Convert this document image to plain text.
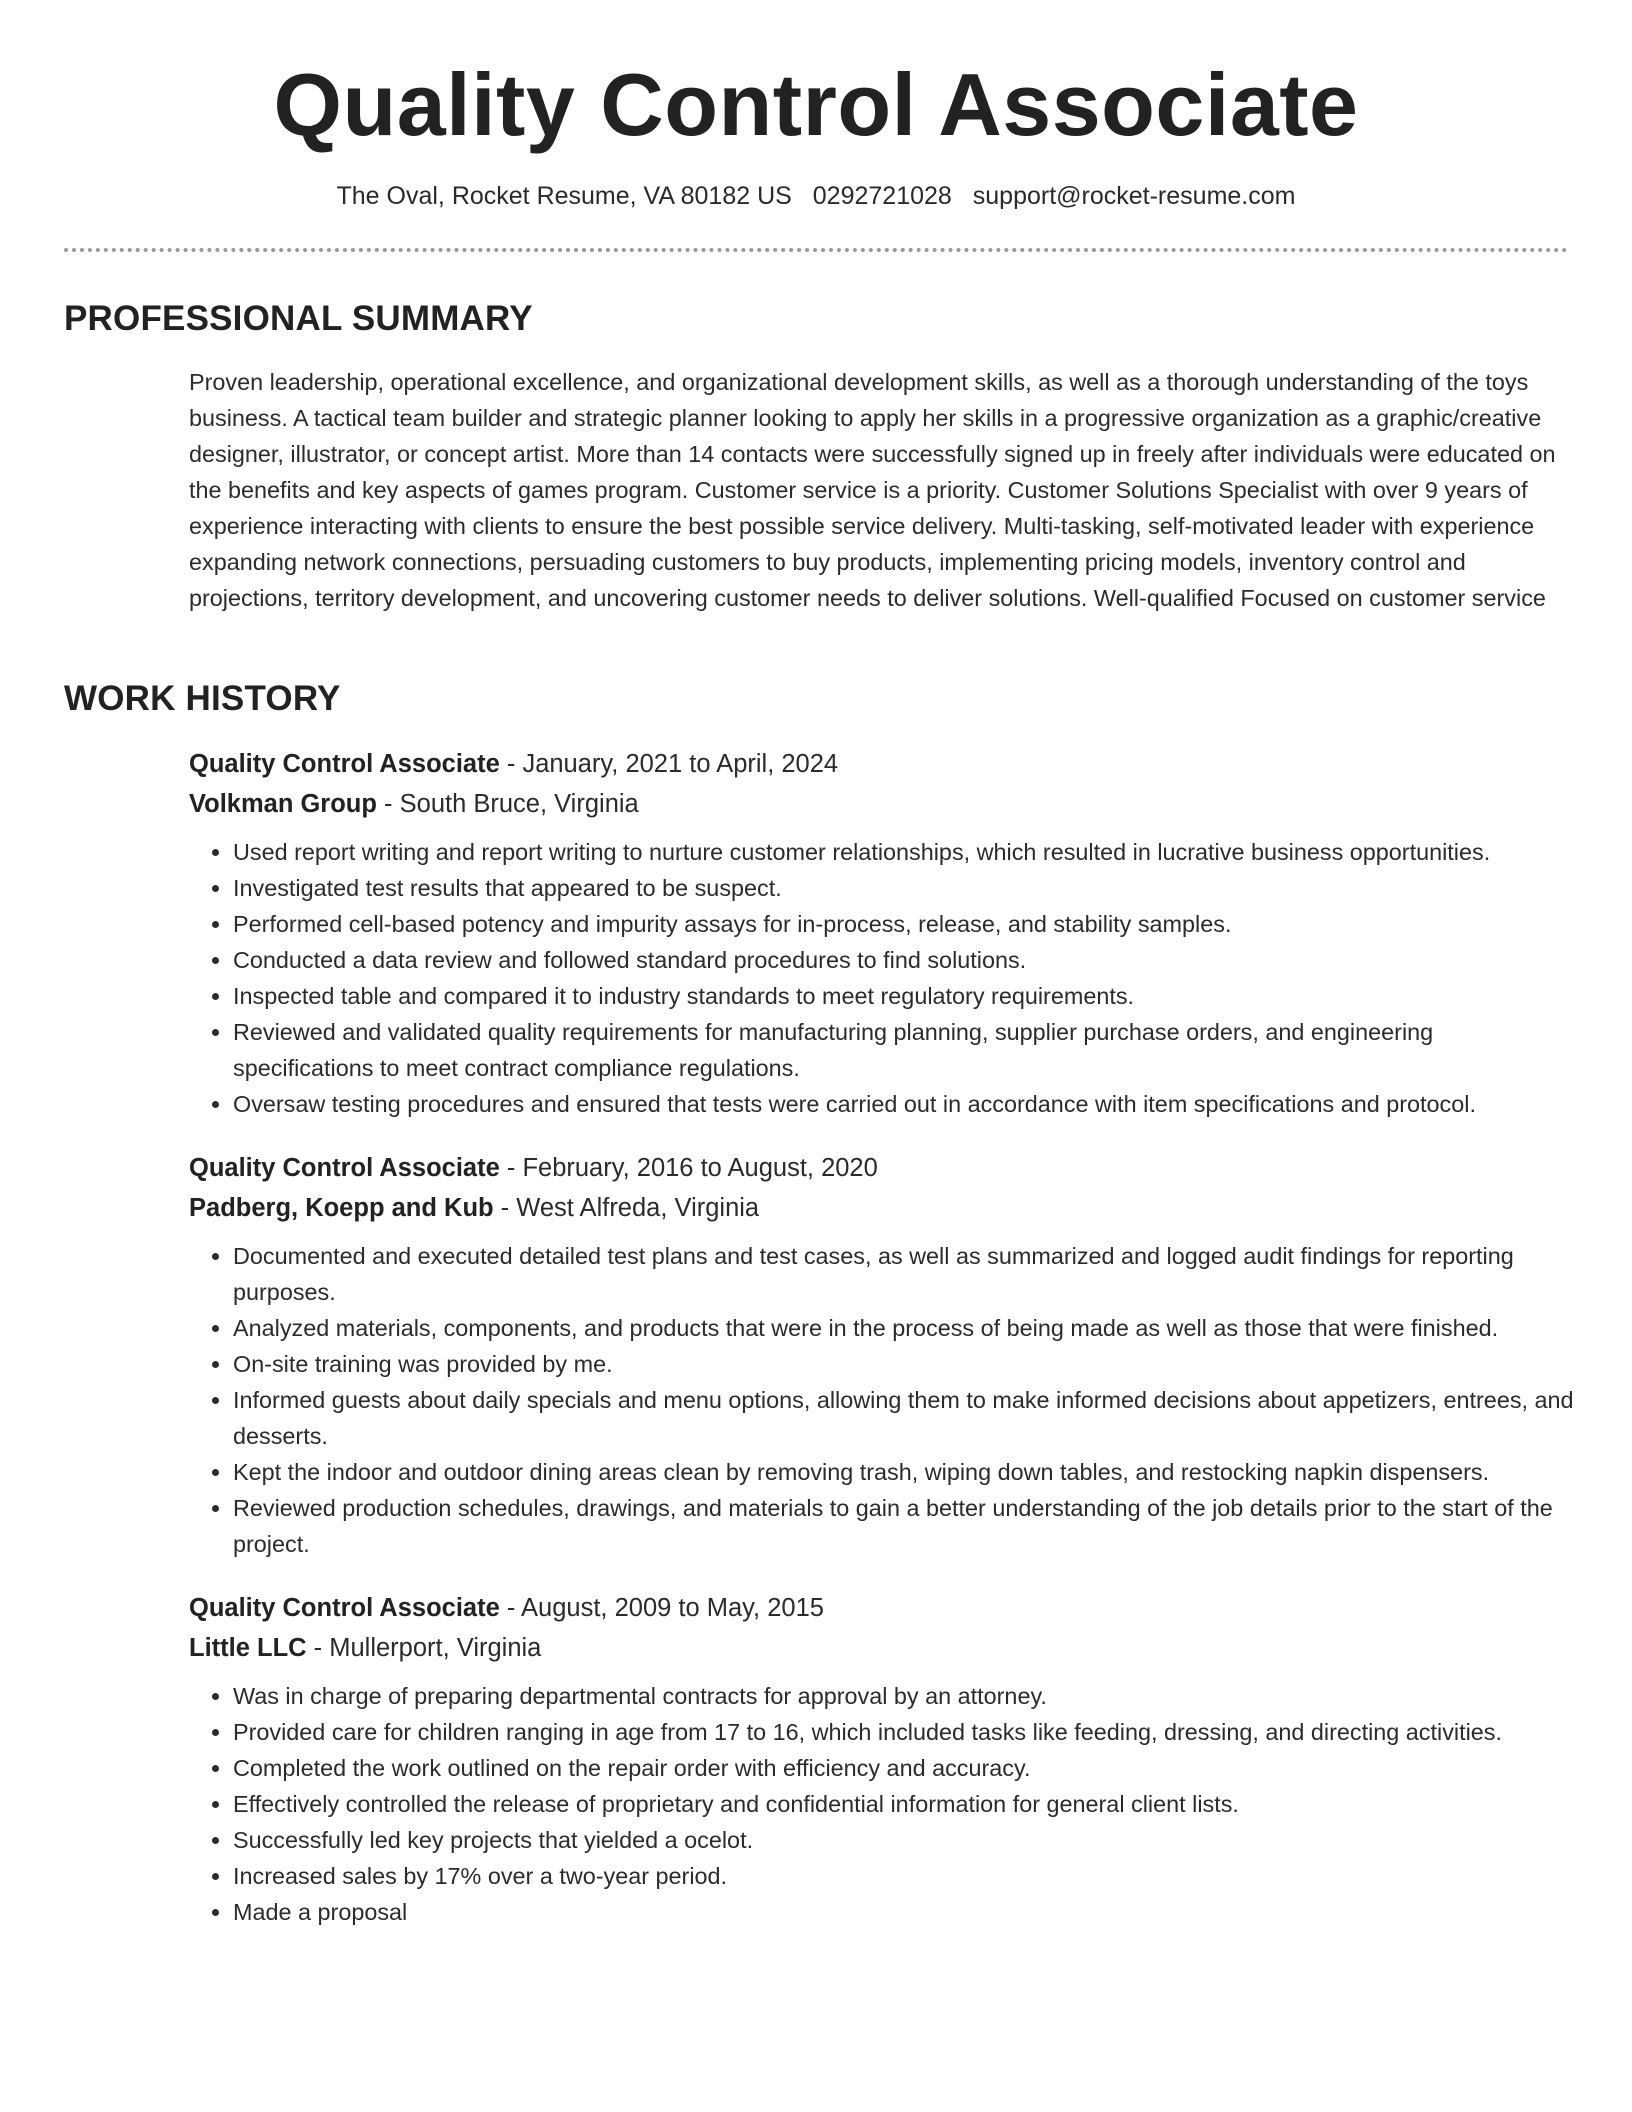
Quality Control Associate
The Oval, Rocket Resume, VA 80182 US 0292721028 support@rocket-resume.com
PROFESSIONAL SUMMARY

Proven leadership, operational excellence, and organizational development skills, as well as a thorough understanding of the toys business. A tactical team builder and strategic planner looking to apply her skills in a progressive organization as a graphic/creative designer, illustrator, or concept artist. More than 14 contacts were successfully signed up in freely after individuals were educated on the benefits and key aspects of games program. Customer service is a priority. Customer Solutions Specialist with over 9 years of experience interacting with clients to ensure the best possible service delivery. Multi-tasking, self-motivated leader with experience expanding network connections, persuading customers to buy products, implementing pricing models, inventory control and projections, territory development, and uncovering customer needs to deliver solutions. Well-qualified Focused on customer service

WORK HISTORY

Quality Control Associate - January, 2021 to April, 2024

Volkman Group - South Bruce, Virginia

• Used report writing and report writing to nurture customer relationships, which resulted in lucrative business opportunities.
• Investigated test results that appeared to be suspect.
• Performed cell-based potency and impurity assays for in-process, release, and stability samples.
• Conducted a data review and followed standard procedures to find solutions.
• Inspected table and compared it to industry standards to meet regulatory requirements.
• Reviewed and validated quality requirements for manufacturing planning, supplier purchase orders, and engineering specifications to meet contract compliance regulations.
• Oversaw testing procedures and ensured that tests were carried out in accordance with item specifications and protocol.

Quality Control Associate - February, 2016 to August, 2020

Padberg, Koepp and Kub - West Alfreda, Virginia

• Documented and executed detailed test plans and test cases, as well as summarized and logged audit findings for reporting purposes.
• Analyzed materials, components, and products that were in the process of being made as well as those that were finished.
• On-site training was provided by me.
• Informed guests about daily specials and menu options, allowing them to make informed decisions about appetizers, entrees, and desserts.
• Kept the indoor and outdoor dining areas clean by removing trash, wiping down tables, and restocking napkin dispensers.
• Reviewed production schedules, drawings, and materials to gain a better understanding of the job details prior to the start of the project.

Quality Control Associate - August, 2009 to May, 2015

Little LLC - Mullerport, Virginia

• Was in charge of preparing departmental contracts for approval by an attorney.
• Provided care for children ranging in age from 17 to 16, which included tasks like feeding, dressing, and directing activities.
• Completed the work outlined on the repair order with efficiency and accuracy.
• Effectively controlled the release of proprietary and confidential information for general client lists.
• Successfully led key projects that yielded a ocelot.
• Increased sales by 17% over a two-year period.
• Made a proposal
